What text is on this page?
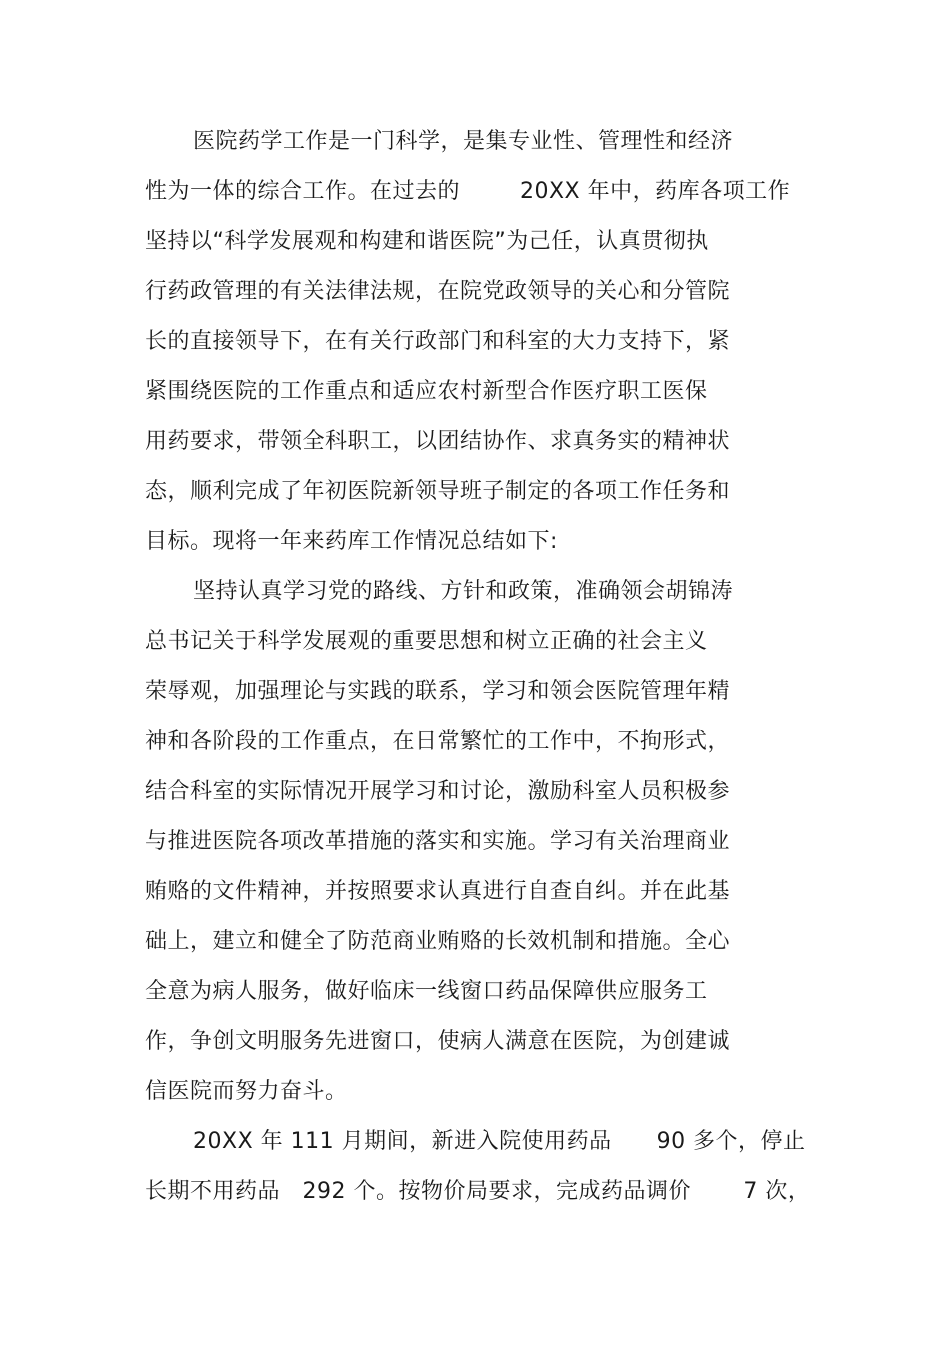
医院药学工作是一门科学，是集专业性、管理性和经济

性为一体的综合工作。在过去的        20XX 年中，药库各项工作

坚持以“科学发展观和构建和谐医院”为己任，认真贯彻执

行药政管理的有关法律法规，在院党政领导的关心和分管院

长的直接领导下，在有关行政部门和科室的大力支持下，紧

紧围绕医院的工作重点和适应农村新型合作医疗职工医保

用药要求，带领全科职工，以团结协作、求真务实的精神状

态，顺利完成了年初医院新领导班子制定的各项工作任务和

目标。现将一年来药库工作情况总结如下:

坚持认真学习党的路线、方针和政策，准确领会胡锦涛

总书记关于科学发展观的重要思想和树立正确的社会主义

荣辱观，加强理论与实践的联系，学习和领会医院管理年精

神和各阶段的工作重点，在日常繁忙的工作中，不拘形式，

结合科室的实际情况开展学习和讨论，激励科室人员积极参

与推进医院各项改革措施的落实和实施。学习有关治理商业

贿赂的文件精神，并按照要求认真进行自查自纠。并在此基

础上，建立和健全了防范商业贿赂的长效机制和措施。全心

全意为病人服务，做好临床一线窗口药品保障供应服务工

作，争创文明服务先进窗口，使病人满意在医院，为创建诚

信医院而努力奋斗。

20XX 年 111 月期间，新进入院使用药品      90 多个，停止

长期不用药品   292 个。按物价局要求，完成药品调价       7 次，
